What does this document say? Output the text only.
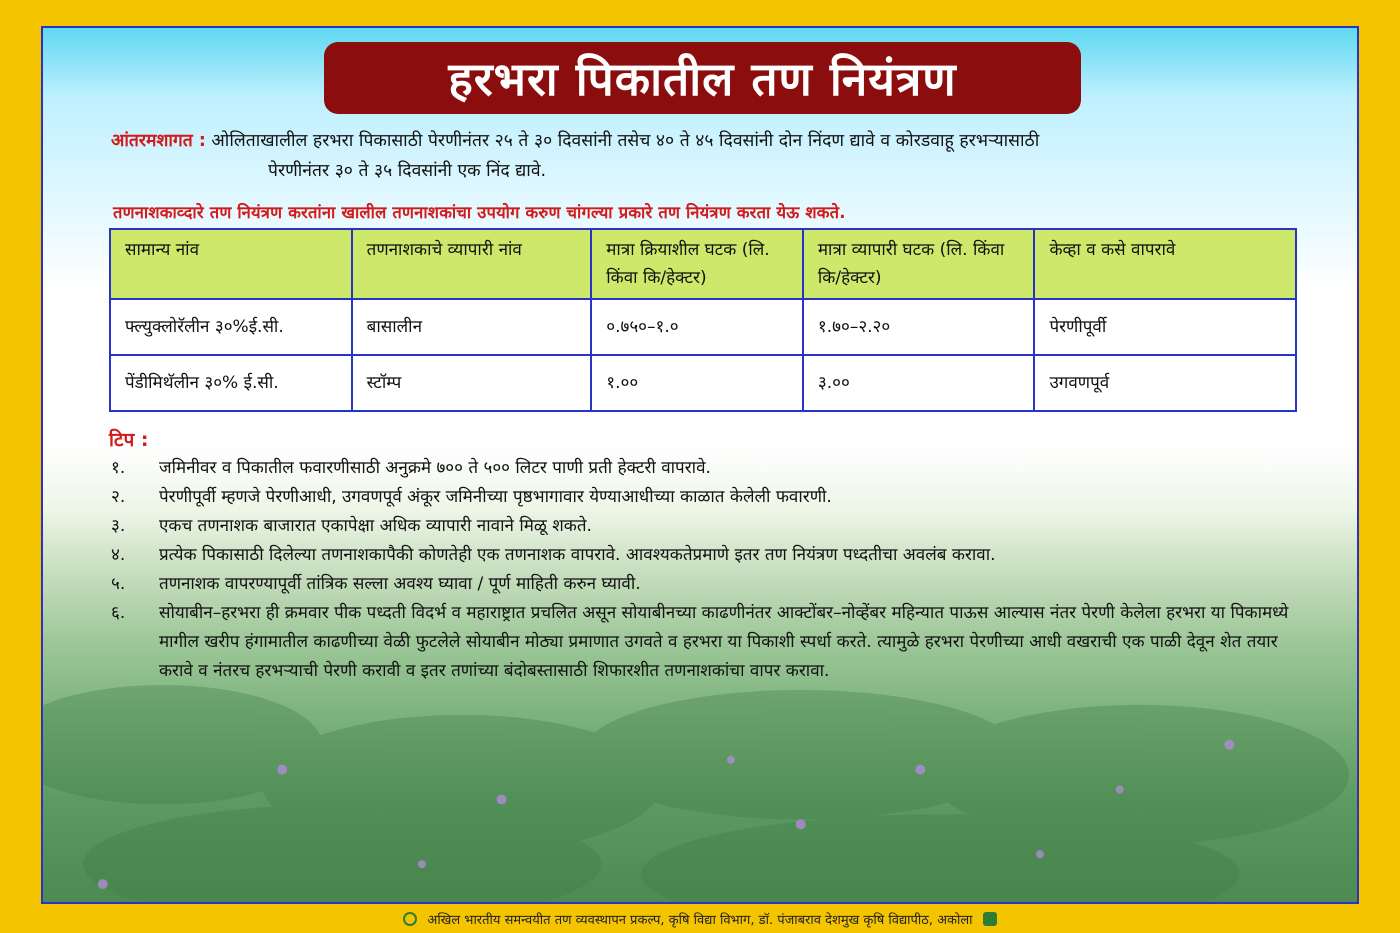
हरभरा पिकातील तण नियंत्रण
आंतरमशागत : ओलिताखालील हरभरा पिकासाठी पेरणीनंतर २५ ते ३० दिवसांनी तसेच ४० ते ४५ दिवसांनी दोन निंदण द्यावे व कोरडवाहू हरभऱ्यासाठी
पेरणीनंतर ३० ते ३५ दिवसांनी एक निंद द्यावे.
तणनाशकाव्दारे तण नियंत्रण करतांना खालील तणनाशकांचा उपयोग करुण चांगल्या प्रकारे तण नियंत्रण करता येऊ शकते.
सामान्य नांव	तणनाशकाचे व्यापारी नांव	मात्रा क्रियाशील घटक (लि. किंवा कि/हेक्टर)	मात्रा व्यापारी घटक (लि. किंवा कि/हेक्टर)	केव्हा व कसे वापरावे
फ्ल्युक्लोरॅलीन ३०%ई.सी.	बासालीन	०.७५०–१.०	१.७०–२.२०	पेरणीपूर्वी
पेंडीमिथॅलीन ३०% ई.सी.	स्टॉम्प	१.००	३.००	उगवणपूर्व
टिप :
१.	जमिनीवर व पिकातील फवारणीसाठी अनुक्रमे ७०० ते ५०० लिटर पाणी प्रती हेक्टरी वापरावे.
२.	पेरणीपूर्वी म्हणजे पेरणीआधी, उगवणपूर्व अंकूर जमिनीच्या पृष्ठभागावार येण्याआधीच्या काळात केलेली फवारणी.
३.	एकच तणनाशक बाजारात एकापेक्षा अधिक व्यापारी नावाने मिळू शकते.
४.	प्रत्येक पिकासाठी दिलेल्या तणनाशकापैकी कोणतेही एक तणनाशक वापरावे. आवश्यकतेप्रमाणे इतर तण नियंत्रण पध्दतीचा अवलंब करावा.
५.	तणनाशक वापरण्यापूर्वी तांत्रिक सल्ला अवश्य घ्यावा / पूर्ण माहिती करुन घ्यावी.
६.	सोयाबीन–हरभरा ही क्रमवार पीक पध्दती विदर्भ व महाराष्ट्रात प्रचलित असून सोयाबीनच्या काढणीनंतर आक्टोंबर–नोव्हेंबर महिन्यात पाऊस आल्यास नंतर पेरणी केलेला हरभरा या पिकामध्ये मागील खरीप हंगामातील काढणीच्या वेळी फुटलेले सोयाबीन मोठ्या प्रमाणात उगवते व हरभरा या पिकाशी स्पर्धा करते. त्यामुळे हरभरा पेरणीच्या आधी वखराची एक पाळी देवून शेत तयार करावे व नंतरच हरभऱ्याची पेरणी करावी व इतर तणांच्या बंदोबस्तासाठी शिफारशीत तणनाशकांचा वापर करावा.
अखिल भारतीय समन्वयीत तण व्यवस्थापन प्रकल्प, कृषि विद्या विभाग, डॉ. पंजाबराव देशमुख कृषि विद्यापीठ, अकोला
